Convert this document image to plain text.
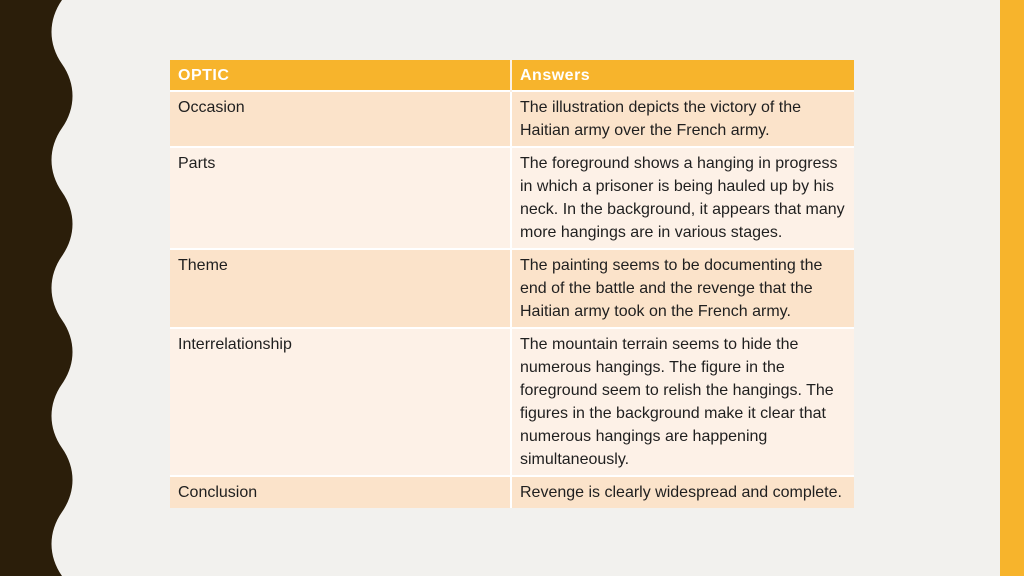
OPTIC	Answers
Occasion	The illustration depicts the victory of the Haitian army over the French army.
Parts	The foreground shows a hanging in progress in which a prisoner is being hauled up by his neck. In the background, it appears that many more hangings are in various stages.
Theme	The painting seems to be documenting the end of the battle and the revenge that the Haitian army took on the French army.
Interrelationship	The mountain terrain seems to hide the numerous hangings. The figure in the foreground seem to relish the hangings. The figures in the background make it clear that numerous hangings are happening simultaneously.
Conclusion	Revenge is clearly widespread and complete.
